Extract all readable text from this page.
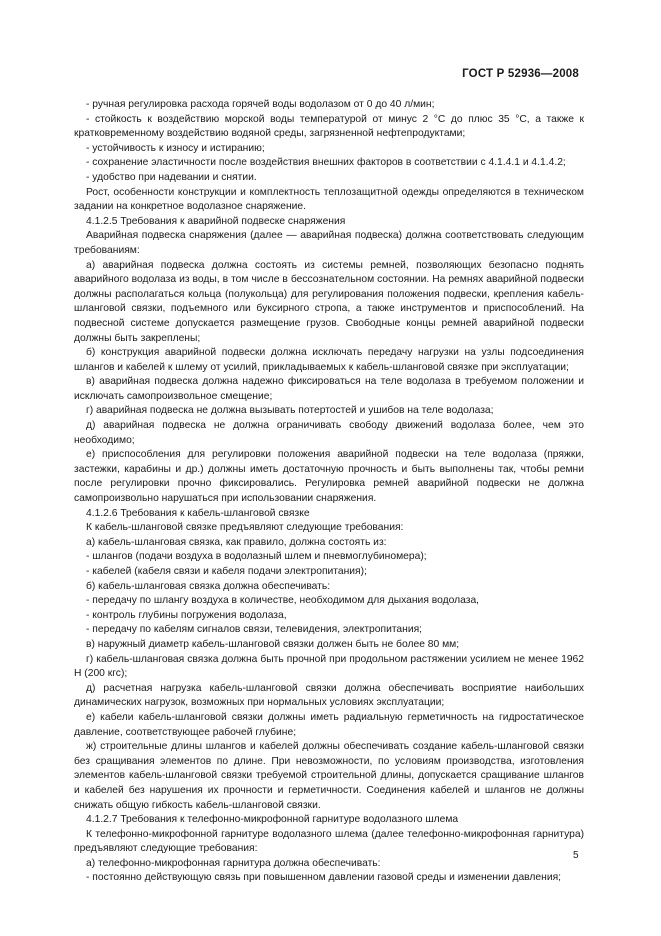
ГОСТ Р 52936—2008

- ручная регулировка расхода горячей воды водолазом от 0 до 40 л/мин;

- стойкость к воздействию морской воды температурой от минус 2 °С до плюс 35 °С, а также к кратковременному воздействию водяной среды, загрязненной нефтепродуктами;

- устойчивость к износу и истиранию;

- сохранение эластичности после воздействия внешних факторов в соответствии с 4.1.4.1 и 4.1.4.2;

- удобство при надевании и снятии.

Рост, особенности конструкции и комплектность теплозащитной одежды определяются в техническом задании на конкретное водолазное снаряжение.

4.1.2.5 Требования к аварийной подвеске снаряжения

Аварийная подвеска снаряжения (далее — аварийная подвеска) должна соответствовать следующим требованиям:

а) аварийная подвеска должна состоять из системы ремней, позволяющих безопасно поднять аварийного водолаза из воды, в том числе в бессознательном состоянии. На ремнях аварийной подвески должны располагаться кольца (полукольца) для регулирования положения подвески, крепления кабель-шланговой связки, подъемного или буксирного стропа, а также инструментов и приспособлений. На подвесной системе допускается размещение грузов. Свободные концы ремней аварийной подвески должны быть закреплены;

б) конструкция аварийной подвески должна исключать передачу нагрузки на узлы подсоединения шлангов и кабелей к шлему от усилий, прикладываемых к кабель-шланговой связке при эксплуатации;

в) аварийная подвеска должна надежно фиксироваться на теле водолаза в требуемом положении и исключать самопроизвольное смещение;

г) аварийная подвеска не должна вызывать потертостей и ушибов на теле водолаза;

д) аварийная подвеска не должна ограничивать свободу движений водолаза более, чем это необходимо;

е) приспособления для регулировки положения аварийной подвески на теле водолаза (пряжки, застежки, карабины и др.) должны иметь достаточную прочность и быть выполнены так, чтобы ремни после регулировки прочно фиксировались. Регулировка ремней аварийной подвески не должна самопроизвольно нарушаться при использовании снаряжения.

4.1.2.6 Требования к кабель-шланговой связке

К кабель-шланговой связке предъявляют следующие требования:

а) кабель-шланговая связка, как правило, должна состоять из:

- шлангов (подачи воздуха в водолазный шлем и пневмоглубиномера);

- кабелей (кабеля связи и кабеля подачи электропитания);

б) кабель-шланговая связка должна обеспечивать:

- передачу по шлангу воздуха в количестве, необходимом для дыхания водолаза,

- контроль глубины погружения водолаза,

- передачу по кабелям сигналов связи, телевидения, электропитания;

в) наружный диаметр кабель-шланговой связки должен быть не более 80 мм;

г) кабель-шланговая связка должна быть прочной при продольном растяжении усилием не менее 1962 Н (200 кгс);

д) расчетная нагрузка кабель-шланговой связки должна обеспечивать восприятие наибольших динамических нагрузок, возможных при нормальных условиях эксплуатации;

е) кабели кабель-шланговой связки должны иметь радиальную герметичность на гидростатическое давление, соответствующее рабочей глубине;

ж) строительные длины шлангов и кабелей должны обеспечивать создание кабель-шланговой связки без сращивания элементов по длине. При невозможности, по условиям производства, изготовления элементов кабель-шланговой связки требуемой строительной длины, допускается сращивание шлангов и кабелей без нарушения их прочности и герметичности. Соединения кабелей и шлангов не должны снижать общую гибкость кабель-шланговой связки.

4.1.2.7 Требования к телефонно-микрофонной гарнитуре водолазного шлема

К телефонно-микрофонной гарнитуре водолазного шлема (далее телефонно-микрофонная гарнитура) предъявляют следующие требования:

а) телефонно-микрофонная гарнитура должна обеспечивать:

- постоянно действующую связь при повышенном давлении газовой среды и изменении давления;

5
